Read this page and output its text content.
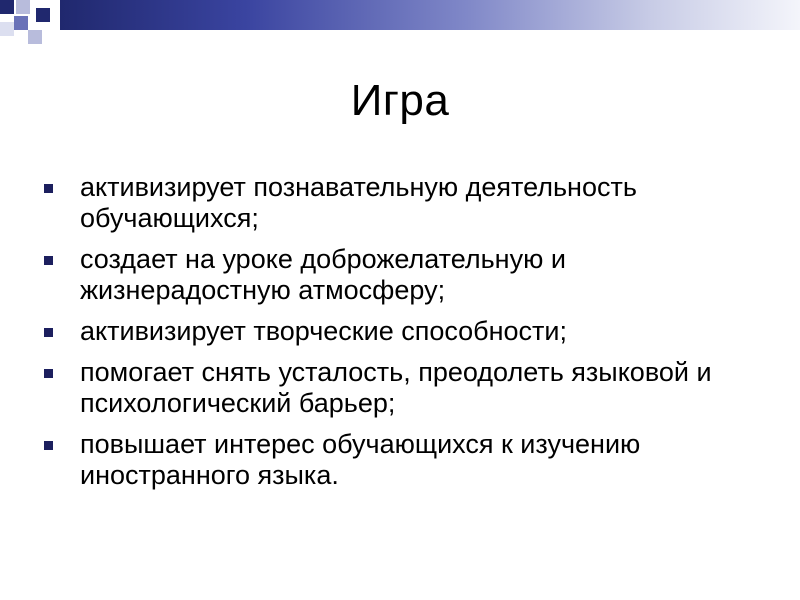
Игра
активизирует познавательную деятельность обучающихся;
создает на уроке доброжелательную и жизнерадостную атмосферу;
активизирует творческие способности;
помогает снять усталость, преодолеть языковой и психологический барьер;
повышает интерес обучающихся к изучению иностранного языка.
